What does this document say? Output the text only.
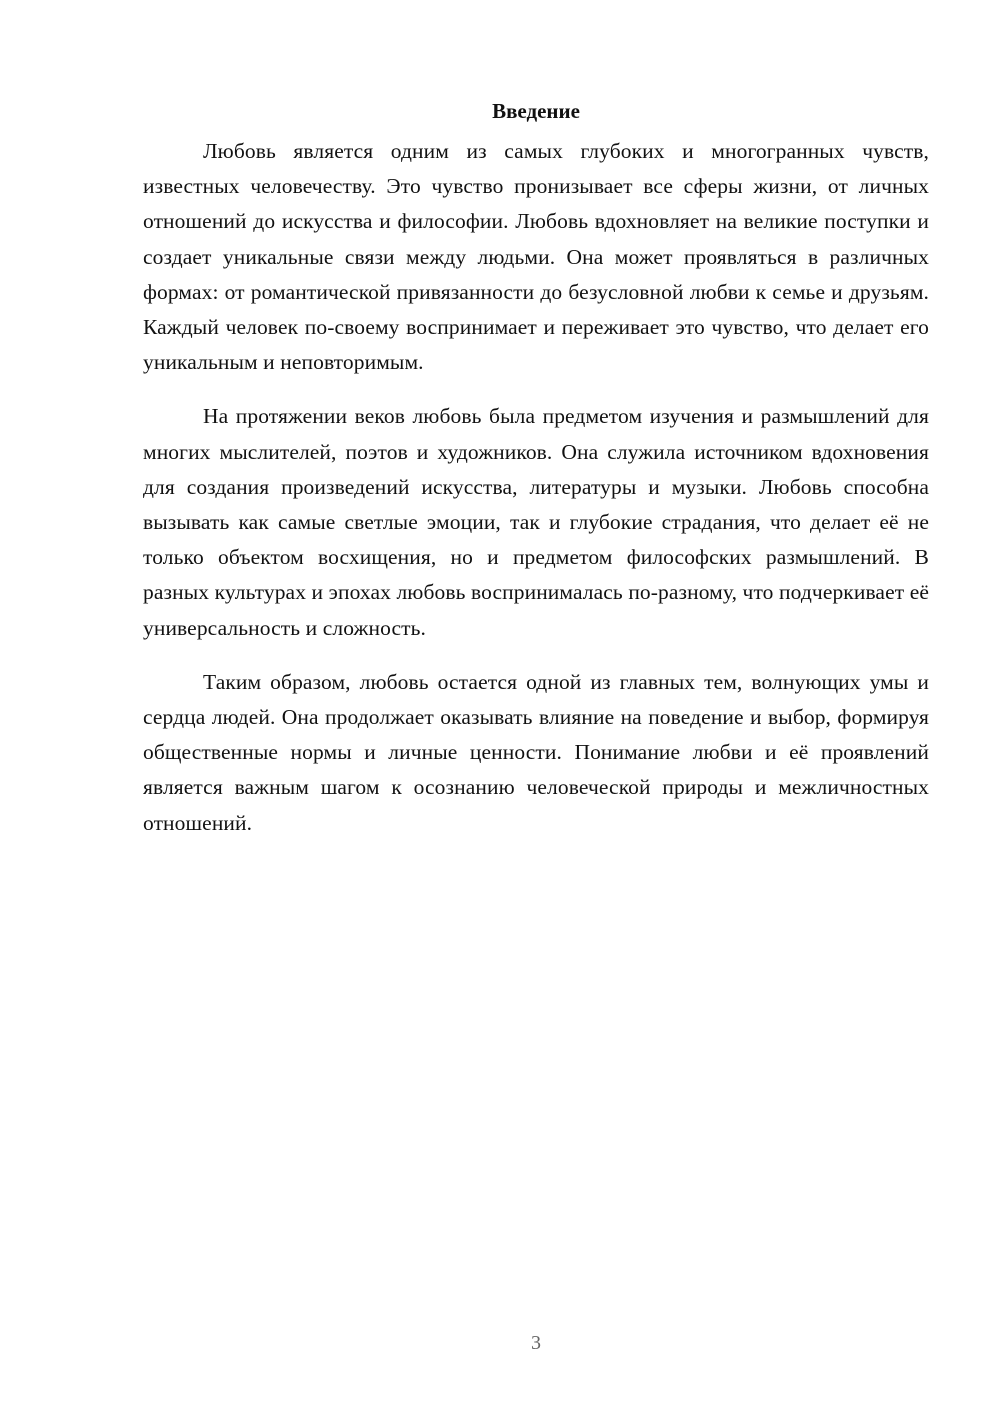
Введение

Любовь является одним из самых глубоких и многогранных чувств, известных человечеству. Это чувство пронизывает все сферы жизни, от личных отношений до искусства и философии. Любовь вдохновляет на великие поступки и создает уникальные связи между людьми. Она может проявляться в различных формах: от романтической привязанности до безусловной любви к семье и друзьям. Каждый человек по-своему воспринимает и переживает это чувство, что делает его уникальным и неповторимым.

На протяжении веков любовь была предметом изучения и размышлений для многих мыслителей, поэтов и художников. Она служила источником вдохновения для создания произведений искусства, литературы и музыки. Любовь способна вызывать как самые светлые эмоции, так и глубокие страдания, что делает её не только объектом восхищения, но и предметом философских размышлений. В разных культурах и эпохах любовь воспринималась по-разному, что подчеркивает её универсальность и сложность.

Таким образом, любовь остается одной из главных тем, волнующих умы и сердца людей. Она продолжает оказывать влияние на поведение и выбор, формируя общественные нормы и личные ценности. Понимание любви и её проявлений является важным шагом к осознанию человеческой природы и межличностных отношений.

3
